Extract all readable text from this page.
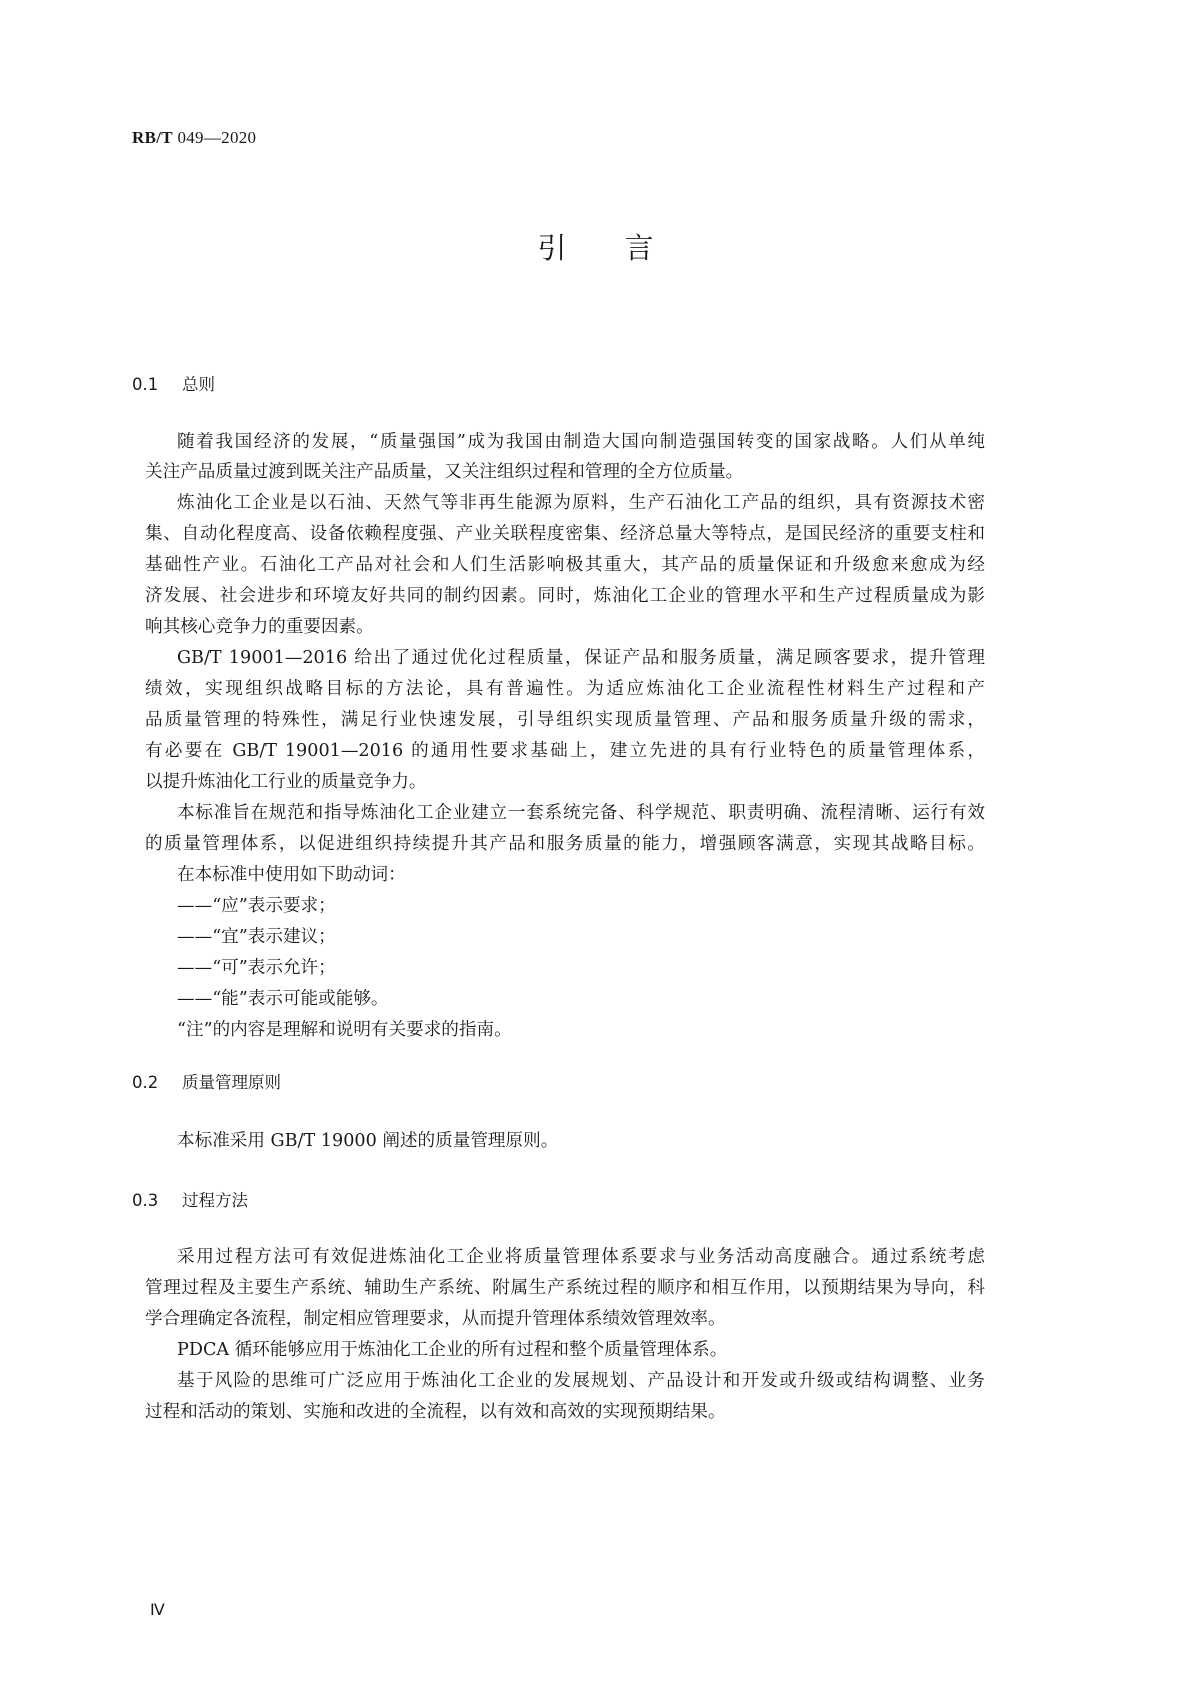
RB/T 049—2020
引言
0.1 总则
随着我国经济的发展，“质量强国”成为我国由制造大国向制造强国转变的国家战略。人们从单纯
关注产品质量过渡到既关注产品质量，又关注组织过程和管理的全方位质量。
炼油化工企业是以石油、天然气等非再生能源为原料，生产石油化工产品的组织，具有资源技术密
集、自动化程度高、设备依赖程度强、产业关联程度密集、经济总量大等特点，是国民经济的重要支柱和
基础性产业。石油化工产品对社会和人们生活影响极其重大，其产品的质量保证和升级愈来愈成为经
济发展、社会进步和环境友好共同的制约因素。同时，炼油化工企业的管理水平和生产过程质量成为影
响其核心竞争力的重要因素。
GB/T 19001—2016 给出了通过优化过程质量，保证产品和服务质量，满足顾客要求，提升管理
绩效，实现组织战略目标的方法论，具有普遍性。为适应炼油化工企业流程性材料生产过程和产
品质量管理的特殊性，满足行业快速发展，引导组织实现质量管理、产品和服务质量升级的需求，
有必要在 GB/T 19001—2016 的通用性要求基础上，建立先进的具有行业特色的质量管理体系，
以提升炼油化工行业的质量竞争力。
本标准旨在规范和指导炼油化工企业建立一套系统完备、科学规范、职责明确、流程清晰、运行有效
的质量管理体系，以促进组织持续提升其产品和服务质量的能力，增强顾客满意，实现其战略目标。
在本标准中使用如下助动词：
——“应”表示要求；
——“宜”表示建议；
——“可”表示允许；
——“能”表示可能或能够。
“注”的内容是理解和说明有关要求的指南。
0.2 质量管理原则
本标准采用 GB/T 19000 阐述的质量管理原则。
0.3 过程方法
采用过程方法可有效促进炼油化工企业将质量管理体系要求与业务活动高度融合。通过系统考虑
管理过程及主要生产系统、辅助生产系统、附属生产系统过程的顺序和相互作用，以预期结果为导向，科
学合理确定各流程，制定相应管理要求，从而提升管理体系绩效管理效率。
PDCA 循环能够应用于炼油化工企业的所有过程和整个质量管理体系。
基于风险的思维可广泛应用于炼油化工企业的发展规划、产品设计和开发或升级或结构调整、业务
过程和活动的策划、实施和改进的全流程，以有效和高效的实现预期结果。
Ⅳ
